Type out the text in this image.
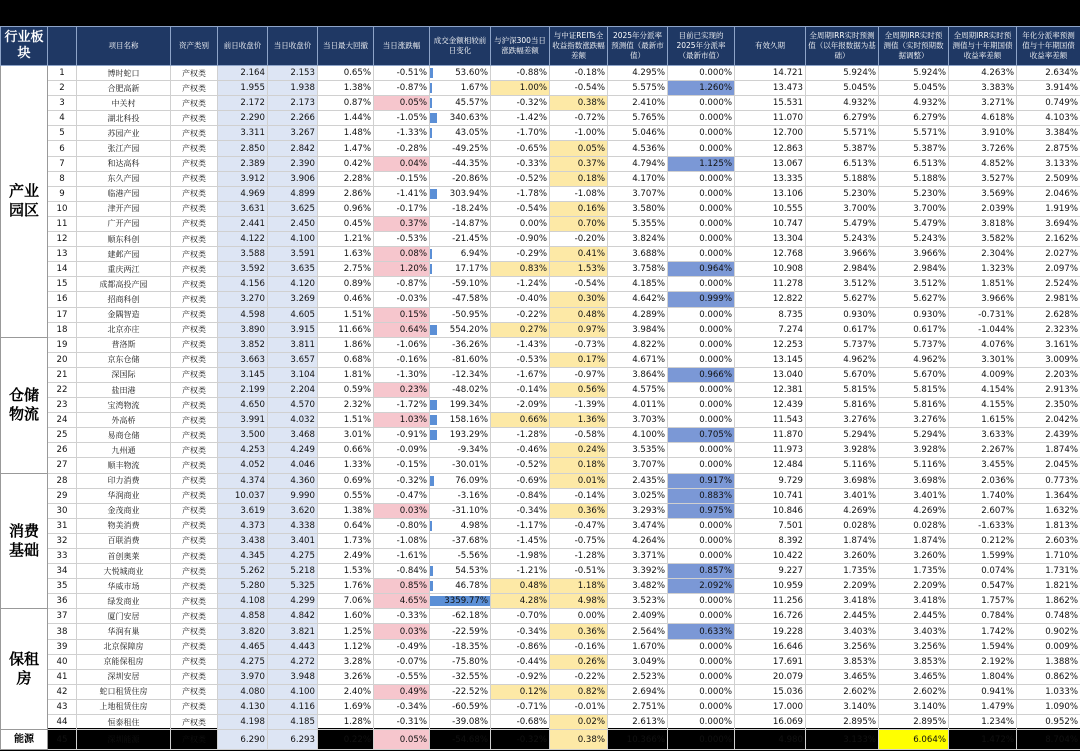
行业板块		项目名称	资产类别	前日收盘价	当日收盘价	当日最大回撤	当日涨跌幅	成交金额相较前日变化	与沪深300当日涨跌幅差额	与中证REITs全收益指数涨跌幅差额	2025年分派率预测值（最新市值）	目前已实现的2025年分派率（最新市值）	有效久期	全周期IRR实时预测值（以年报数据为基础）	全周期IRR实时预测值（实时预期数据调整）	全周期IRR实时预测值与十年期国债收益率差额	年化分派率预测值与十年期国债收益率差额
产业园区	1	博时蛇口	产权类	2.164	2.153	0.65%	-0.51%	53.60%	-0.88%	-0.18%	4.295%	0.000%	14.721	5.924%	5.924%	4.263%	2.634%
	2	合肥高新	产权类	1.955	1.938	1.38%	-0.87%	1.67%	1.00%	-0.54%	5.575%	1.260%	13.473	5.045%	5.045%	3.383%	3.914%
	3	中关村	产权类	2.172	2.173	0.87%	0.05%	45.57%	-0.32%	0.38%	2.410%	0.000%	15.531	4.932%	4.932%	3.271%	0.749%
	4	湖北科投	产权类	2.290	2.266	1.44%	-1.05%	340.63%	-1.42%	-0.72%	5.765%	0.000%	11.070	6.279%	6.279%	4.618%	4.103%
	5	苏园产业	产权类	3.311	3.267	1.48%	-1.33%	43.05%	-1.70%	-1.00%	5.046%	0.000%	12.700	5.571%	5.571%	3.910%	3.384%
	6	张江产园	产权类	2.850	2.842	1.47%	-0.28%	-49.25%	-0.65%	0.05%	4.536%	0.000%	12.863	5.387%	5.387%	3.726%	2.875%
	7	和达高科	产权类	2.389	2.390	0.42%	0.04%	-44.35%	-0.33%	0.37%	4.794%	1.125%	13.067	6.513%	6.513%	4.852%	3.133%
	8	东久产园	产权类	3.912	3.906	2.28%	-0.15%	-20.86%	-0.52%	0.18%	4.170%	0.000%	13.335	5.188%	5.188%	3.527%	2.509%
	9	临港产园	产权类	4.969	4.899	2.86%	-1.41%	303.94%	-1.78%	-1.08%	3.707%	0.000%	13.106	5.230%	5.230%	3.569%	2.046%
	10	津开产园	产权类	3.631	3.625	0.96%	-0.17%	-18.24%	-0.54%	0.16%	3.580%	0.000%	10.555	3.700%	3.700%	2.039%	1.919%
	11	广开产园	产权类	2.441	2.450	0.45%	0.37%	-14.87%	0.00%	0.70%	5.355%	0.000%	10.747	5.479%	5.479%	3.818%	3.694%
	12	顺东科创	产权类	4.122	4.100	1.21%	-0.53%	-21.45%	-0.90%	-0.20%	3.824%	0.000%	13.304	5.243%	5.243%	3.582%	2.162%
	13	建邺产园	产权类	3.588	3.591	1.63%	0.08%	6.94%	-0.29%	0.41%	3.688%	0.000%	12.768	3.966%	3.966%	2.304%	2.027%
	14	重庆两江	产权类	3.592	3.635	2.75%	1.20%	17.17%	0.83%	1.53%	3.758%	0.964%	10.908	2.984%	2.984%	1.323%	2.097%
	15	成都高投产园	产权类	4.156	4.120	0.89%	-0.87%	-59.10%	-1.24%	-0.54%	4.185%	0.000%	11.278	3.512%	3.512%	1.851%	2.524%
	16	招商科创	产权类	3.270	3.269	0.46%	-0.03%	-47.58%	-0.40%	0.30%	4.642%	0.999%	12.822	5.627%	5.627%	3.966%	2.981%
	17	金隅智造	产权类	4.598	4.605	1.51%	0.15%	-50.95%	-0.22%	0.48%	4.289%	0.000%	8.735	0.930%	0.930%	-0.731%	2.628%
	18	北京亦庄	产权类	3.890	3.915	11.66%	0.64%	554.20%	0.27%	0.97%	3.984%	0.000%	7.274	0.617%	0.617%	-1.044%	2.323%
仓储物流	19	普洛斯	产权类	3.852	3.811	1.86%	-1.06%	-36.26%	-1.43%	-0.73%	4.822%	0.000%	12.253	5.737%	5.737%	4.076%	3.161%
	20	京东仓储	产权类	3.663	3.657	0.68%	-0.16%	-81.60%	-0.53%	0.17%	4.671%	0.000%	13.145	4.962%	4.962%	3.301%	3.009%
	21	深国际	产权类	3.145	3.104	1.81%	-1.30%	-12.34%	-1.67%	-0.97%	3.864%	0.966%	13.040	5.670%	5.670%	4.009%	2.203%
	22	盐田港	产权类	2.199	2.204	0.59%	0.23%	-48.02%	-0.14%	0.56%	4.575%	0.000%	12.381	5.815%	5.815%	4.154%	2.913%
	23	宝湾物流	产权类	4.650	4.570	2.32%	-1.72%	199.34%	-2.09%	-1.39%	4.011%	0.000%	12.439	5.816%	5.816%	4.155%	2.350%
	24	外高桥	产权类	3.991	4.032	1.51%	1.03%	158.16%	0.66%	1.36%	3.703%	0.000%	11.543	3.276%	3.276%	1.615%	2.042%
	25	易商仓储	产权类	3.500	3.468	3.01%	-0.91%	193.29%	-1.28%	-0.58%	4.100%	0.705%	11.870	5.294%	5.294%	3.633%	2.439%
	26	九州通	产权类	4.253	4.249	0.66%	-0.09%	-9.34%	-0.46%	0.24%	3.535%	0.000%	11.973	3.928%	3.928%	2.267%	1.874%
	27	顺丰物流	产权类	4.052	4.046	1.33%	-0.15%	-30.01%	-0.52%	0.18%	3.707%	0.000%	12.484	5.116%	5.116%	3.455%	2.045%
消费基础	28	印力消费	产权类	4.374	4.360	0.69%	-0.32%	76.09%	-0.69%	0.01%	2.435%	0.917%	9.729	3.698%	3.698%	2.036%	0.773%
	29	华润商业	产权类	10.037	9.990	0.55%	-0.47%	-3.16%	-0.84%	-0.14%	3.025%	0.883%	10.741	3.401%	3.401%	1.740%	1.364%
	30	金茂商业	产权类	3.619	3.620	1.38%	0.03%	-31.10%	-0.34%	0.36%	3.293%	0.975%	10.846	4.269%	4.269%	2.607%	1.632%
	31	物美消费	产权类	4.373	4.338	0.64%	-0.80%	4.98%	-1.17%	-0.47%	3.474%	0.000%	7.501	0.028%	0.028%	-1.633%	1.813%
	32	百联消费	产权类	3.438	3.401	1.73%	-1.08%	-37.68%	-1.45%	-0.75%	4.264%	0.000%	8.392	1.874%	1.874%	0.212%	2.603%
	33	首创奥莱	产权类	4.345	4.275	2.49%	-1.61%	-5.56%	-1.98%	-1.28%	3.371%	0.000%	10.422	3.260%	3.260%	1.599%	1.710%
	34	大悦城商业	产权类	5.262	5.218	1.53%	-0.84%	54.53%	-1.21%	-0.51%	3.392%	0.857%	9.227	1.735%	1.735%	0.074%	1.731%
	35	华威市场	产权类	5.280	5.325	1.76%	0.85%	46.78%	0.48%	1.18%	3.482%	2.092%	10.959	2.209%	2.209%	0.547%	1.821%
	36	绿发商业	产权类	4.108	4.299	7.06%	4.65%	3359.77%	4.28%	4.98%	3.523%	0.000%	11.256	3.418%	3.418%	1.757%	1.862%
保租房	37	厦门安居	产权类	4.858	4.842	1.60%	-0.33%	-62.18%	-0.70%	0.00%	2.409%	0.000%	16.726	2.445%	2.445%	0.784%	0.748%
	38	华润有巢	产权类	3.820	3.821	1.25%	0.03%	-22.59%	-0.34%	0.36%	2.564%	0.633%	19.228	3.403%	3.403%	1.742%	0.902%
	39	北京保障房	产权类	4.465	4.443	1.12%	-0.49%	-18.35%	-0.86%	-0.16%	1.670%	0.000%	16.646	3.256%	3.256%	1.594%	0.009%
	40	京能保租房	产权类	4.275	4.272	3.28%	-0.07%	-75.80%	-0.44%	0.26%	3.049%	0.000%	17.691	3.853%	3.853%	2.192%	1.388%
	41	深圳安居	产权类	3.970	3.948	3.26%	-0.55%	-32.55%	-0.92%	-0.22%	2.523%	0.000%	20.079	3.465%	3.465%	1.804%	0.862%
	42	蛇口租赁住房	产权类	4.080	4.100	2.40%	0.49%	-22.52%	0.12%	0.82%	2.694%	0.000%	15.036	2.602%	2.602%	0.941%	1.033%
	43	上地租赁住房	产权类	4.130	4.116	1.69%	-0.34%	-60.59%	-0.71%	-0.01%	2.751%	0.000%	17.000	3.140%	3.140%	1.479%	1.090%
	44	恒泰租住	产权类	4.198	4.185	1.28%	-0.31%	-39.08%	-0.68%	0.02%	2.613%	0.000%	16.069	2.895%	2.895%	1.234%	0.952%
能源	45	深圳能源	产权类	6.290	6.293	0.22%	0.05%	-54.68%	-0.32%	0.38%	10.366%	0.000%	4.980	3.133%	6.064%	1.472%	8.704%
